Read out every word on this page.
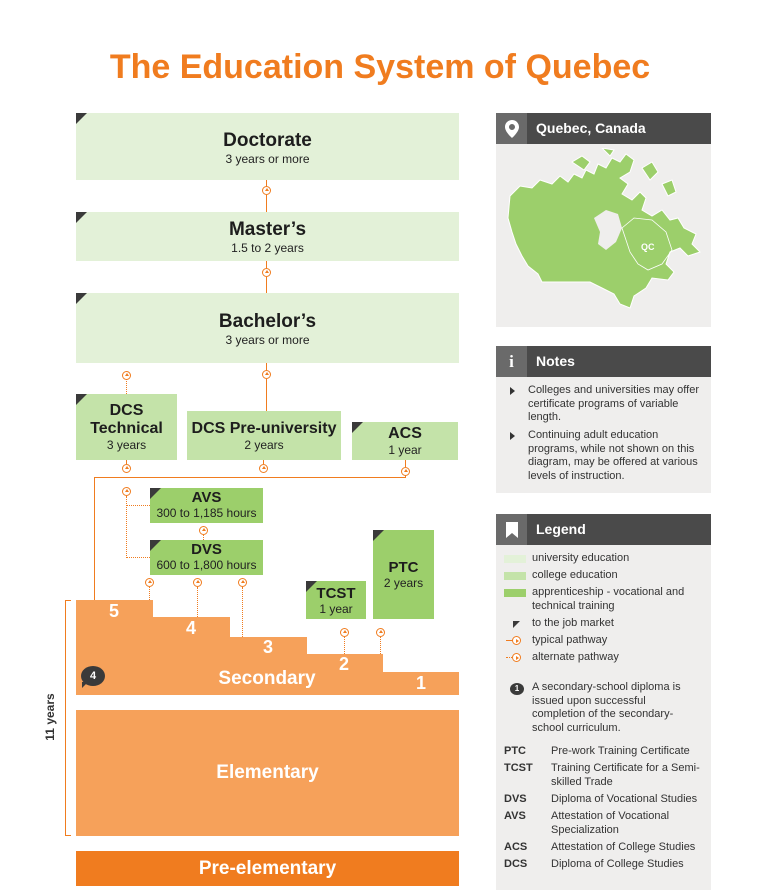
The Education System of Quebec
Doctorate
3 years or more
Master’s
1.5 to 2 years
Bachelor’s
3 years or more
DCS
Technical
3 years
DCS Pre-university
2 years
ACS
1 year
AVS
300 to 1,185 hours
DVS
600 to 1,800 hours
TCST
1 year
PTC
2 years
5
4
3
2
1
Secondary
4
Elementary
11 years
Pre-elementary
Quebec, Canada
QC
i Notes
Colleges and universities may offer certificate programs of variable length.
Continuing adult education programs, while not shown on this diagram, may be offered at various levels of instruction.
Legend
university education
college education
apprenticeship - vocational and technical training
to the job market
typical pathway
alternate pathway
1	A secondary-school diploma is issued upon successful completion of the secondary-school curriculum.
PTC Pre-work Training Certificate
TCST Training Certificate for a Semi-skilled Trade
DVS Diploma of Vocational Studies
AVS Attestation of Vocational Specialization
ACS Attestation of College Studies
DCS Diploma of College Studies
